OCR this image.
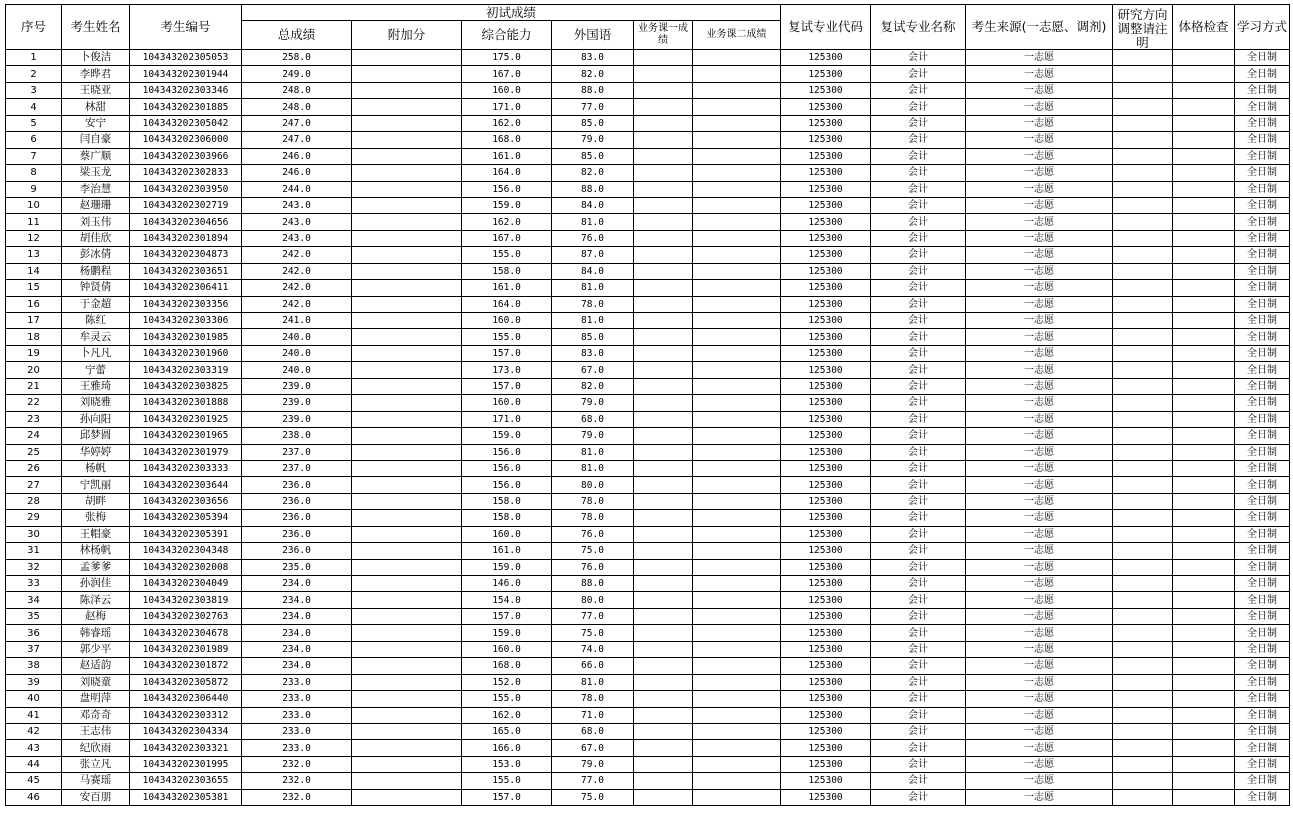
序号	考生姓名	考生编号	初试成绩						复试专业代码	复试专业名称	考生来源(一志愿、调剂)	研究方向调整请注明	体格检查	学习方式
			总成绩	附加分	综合能力	外国语	业务课一成绩	业务课二成绩						
1	卜俊洁	104343202305053	258.0		175.0	83.0			125300	会计	一志愿			全日制
2	李晔君	104343202301944	249.0		167.0	82.0			125300	会计	一志愿			全日制
3	王晓亚	104343202303346	248.0		160.0	88.0			125300	会计	一志愿			全日制
4	林甜	104343202301885	248.0		171.0	77.0			125300	会计	一志愿			全日制
5	安宁	104343202305042	247.0		162.0	85.0			125300	会计	一志愿			全日制
6	闫自豪	104343202306000	247.0		168.0	79.0			125300	会计	一志愿			全日制
7	蔡广顺	104343202303966	246.0		161.0	85.0			125300	会计	一志愿			全日制
8	梁玉龙	104343202302833	246.0		164.0	82.0			125300	会计	一志愿			全日制
9	李治慧	104343202303950	244.0		156.0	88.0			125300	会计	一志愿			全日制
10	赵珊珊	104343202302719	243.0		159.0	84.0			125300	会计	一志愿			全日制
11	刘玉伟	104343202304656	243.0		162.0	81.0			125300	会计	一志愿			全日制
12	胡佳欣	104343202301894	243.0		167.0	76.0			125300	会计	一志愿			全日制
13	彭冰倩	104343202304873	242.0		155.0	87.0			125300	会计	一志愿			全日制
14	杨鹏程	104343202303651	242.0		158.0	84.0			125300	会计	一志愿			全日制
15	钟贤倩	104343202306411	242.0		161.0	81.0			125300	会计	一志愿			全日制
16	于金超	104343202303356	242.0		164.0	78.0			125300	会计	一志愿			全日制
17	陈红	104343202303306	241.0		160.0	81.0			125300	会计	一志愿			全日制
18	牟灵云	104343202301985	240.0		155.0	85.0			125300	会计	一志愿			全日制
19	卜凡凡	104343202301960	240.0		157.0	83.0			125300	会计	一志愿			全日制
20	宁蕾	104343202303319	240.0		173.0	67.0			125300	会计	一志愿			全日制
21	王雅琦	104343202303825	239.0		157.0	82.0			125300	会计	一志愿			全日制
22	刘晓雅	104343202301888	239.0		160.0	79.0			125300	会计	一志愿			全日制
23	孙向阳	104343202301925	239.0		171.0	68.0			125300	会计	一志愿			全日制
24	邱梦圆	104343202301965	238.0		159.0	79.0			125300	会计	一志愿			全日制
25	华婷婷	104343202301979	237.0		156.0	81.0			125300	会计	一志愿			全日制
26	杨帆	104343202303333	237.0		156.0	81.0			125300	会计	一志愿			全日制
27	宁凯丽	104343202303644	236.0		156.0	80.0			125300	会计	一志愿			全日制
28	胡畔	104343202303656	236.0		158.0	78.0			125300	会计	一志愿			全日制
29	张梅	104343202305394	236.0		158.0	78.0			125300	会计	一志愿			全日制
30	王帽豪	104343202305391	236.0		160.0	76.0			125300	会计	一志愿			全日制
31	林杨帆	104343202304348	236.0		161.0	75.0			125300	会计	一志愿			全日制
32	孟爹爹	104343202302008	235.0		159.0	76.0			125300	会计	一志愿			全日制
33	孙润佳	104343202304049	234.0		146.0	88.0			125300	会计	一志愿			全日制
34	陈泽云	104343202303819	234.0		154.0	80.0			125300	会计	一志愿			全日制
35	赵梅	104343202302763	234.0		157.0	77.0			125300	会计	一志愿			全日制
36	韩睿瑶	104343202304678	234.0		159.0	75.0			125300	会计	一志愿			全日制
37	郭少平	104343202301989	234.0		160.0	74.0			125300	会计	一志愿			全日制
38	赵适韵	104343202301872	234.0		168.0	66.0			125300	会计	一志愿			全日制
39	刘晓童	104343202305872	233.0		152.0	81.0			125300	会计	一志愿			全日制
40	盘明萍	104343202306440	233.0		155.0	78.0			125300	会计	一志愿			全日制
41	邓奇奇	104343202303312	233.0		162.0	71.0			125300	会计	一志愿			全日制
42	王志伟	104343202304334	233.0		165.0	68.0			125300	会计	一志愿			全日制
43	纪欣雨	104343202303321	233.0		166.0	67.0			125300	会计	一志愿			全日制
44	张立凡	104343202301995	232.0		153.0	79.0			125300	会计	一志愿			全日制
45	马赛瑶	104343202303655	232.0		155.0	77.0			125300	会计	一志愿			全日制
46	安百朋	104343202305381	232.0		157.0	75.0			125300	会计	一志愿			全日制
